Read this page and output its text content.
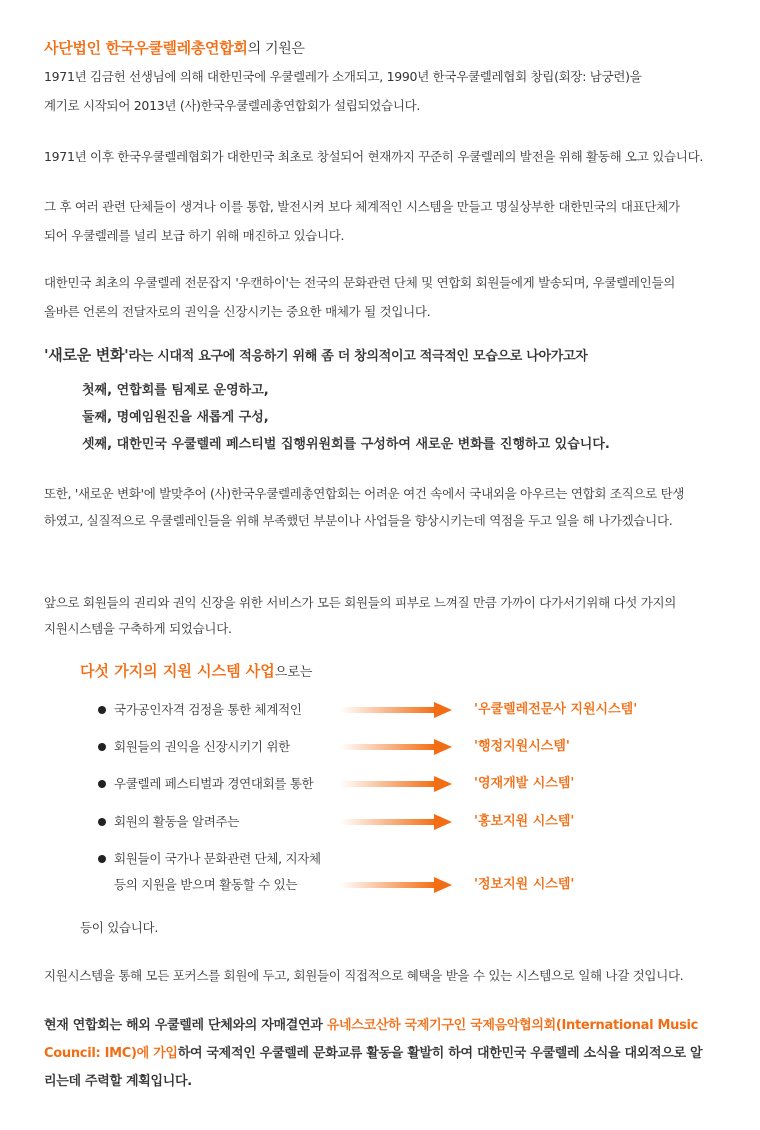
사단법인 한국우쿨렐레총연합회의 기원은
1971년 김금헌 선생님에 의해 대한민국에 우쿨렐레가 소개되고, 1990년 한국우쿨렐레협회 창립(회장: 남궁련)을
계기로 시작되어 2013년 (사)한국우쿨렐레총연합회가 설립되었습니다.
1971년 이후 한국우쿨렐레협회가 대한민국 최초로 창설되어 현재까지 꾸준히 우쿨렐레의 발전을 위해 활동해 오고 있습니다.
그 후 여러 관련 단체들이 생겨나 이를 통합, 발전시켜 보다 체계적인 시스템을 만들고 명실상부한 대한민국의 대표단체가
되어 우쿨렐레를 널리 보급 하기 위해 매진하고 있습니다.
대한민국 최초의 우쿨렐레 전문잡지 '우캔하이'는 전국의 문화관련 단체 및 연합회 회원들에게 발송되며, 우쿨렐레인들의
올바른 언론의 전달자로의 권익을 신장시키는 중요한 매체가 될 것입니다.
'새로운 변화'라는 시대적 요구에 적응하기 위해 좀 더 창의적이고 적극적인 모습으로 나아가고자
첫째, 연합회를 팀제로 운영하고,
둘째, 명예임원진을 새롭게 구성,
셋째, 대한민국 우쿨렐레 페스티벌 집행위원회를 구성하여 새로운 변화를 진행하고 있습니다.
또한, '새로운 변화'에 발맞추어 (사)한국우쿨렐레총연합회는 어려운 여건 속에서 국내외을 아우르는 연합회 조직으로 탄생
하였고, 실질적으로 우쿨렐레인들을 위해 부족했던 부분이나 사업들을 향상시키는데 역점을 두고 일을 해 나가겠습니다.
앞으로 회원들의 권리와 권익 신장을 위한 서비스가 모든 회원들의 피부로 느껴질 만큼 가까이 다가서기위해 다섯 가지의
지원시스템을 구축하게 되었습니다.
다섯 가지의 지원 시스템 사업으로는
국가공인자격 검정을 통한 체계적인	'우쿨렐레전문사 지원시스템'
회원들의 권익을 신장시키기 위한	'행정지원시스템'
우쿨렐레 페스티벌과 경연대회를 통한	'영재개발 시스템'
회원의 활동을 알려주는	'홍보지원 시스템'
회원들이 국가나 문화관련 단체, 지자체
등의 지원을 받으며 활동할 수 있는	'정보지원 시스템'
등이 있습니다.
지원시스템을 통해 모든 포커스를 회원에 두고, 회원들이 직접적으로 혜택을 받을 수 있는 시스템으로 일해 나갈 것입니다.
현재 연합회는 해외 우쿨렐레 단체와의 자매결연과 유네스코산하 국제기구인 국제음악협의회(International Music Council: IMC)에 가입하여 국제적인 우쿨렐레 문화교류 활동을 활발히 하여 대한민국 우쿨렐레 소식을 대외적으로 알리는데 주력할 계획입니다.
